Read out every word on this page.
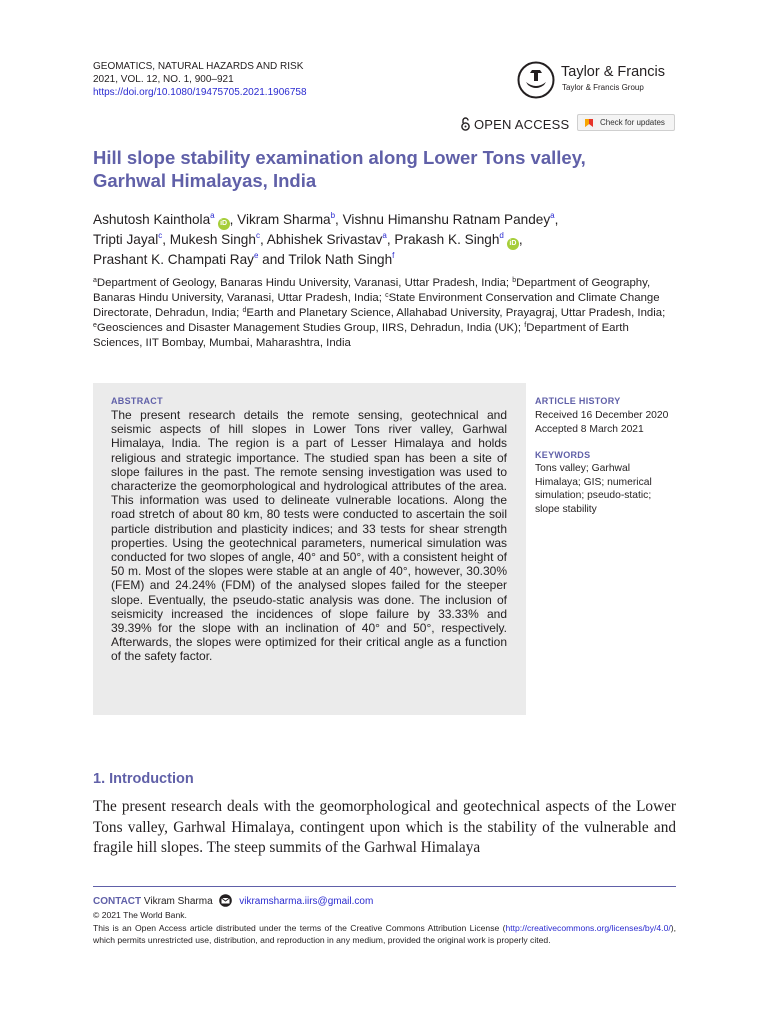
GEOMATICS, NATURAL HAZARDS AND RISK
2021, VOL. 12, NO. 1, 900–921
https://doi.org/10.1080/19475705.2021.1906758
Taylor & Francis
Taylor & Francis Group
OPEN ACCESS	Check for updates
Hill slope stability examination along Lower Tons valley,
Garhwal Himalayas, India
Ashutosh Kainthola$^a$iD , Vikram Sharma$^b$, Vishnu Himanshu Ratnam Pandey$^a$,
Tripti Jayal$^c$, Mukesh Singh$^c$, Abhishek Srivastav$^a$, Prakash K. Singh$^d$iD ,
Prashant K. Champati Ray$^e$ and Trilok Nath Singh$^f$
$^a$Department of Geology, Banaras Hindu University, Varanasi, Uttar Pradesh, India; $^b$Department of Geography, Banaras Hindu University, Varanasi, Uttar Pradesh, India; $^c$State Environment Conservation and Climate Change Directorate, Dehradun, India; $^d$Earth and Planetary Science, Allahabad University, Prayagraj, Uttar Pradesh, India; $^e$Geosciences and Disaster Management Studies Group, IIRS, Dehradun, India (UK); $^f$Department of Earth Sciences, IIT Bombay, Mumbai, Maharashtra, India
ABSTRACT
The present research details the remote sensing, geotechnical and seismic aspects of hill slopes in Lower Tons river valley, Garhwal Himalaya, India. The region is a part of Lesser Himalaya and holds religious and strategic importance. The studied span has been a site of slope failures in the past. The remote sensing investigation was used to characterize the geomorphological and hydrological attributes of the area. This information was used to delineate vulnerable locations. Along the road stretch of about 80 km, 80 tests were conducted to ascertain the soil particle distribution and plasticity indices; and 33 tests for shear strength properties. Using the geotechnical parameters, numerical simulation was conducted for two slopes of angle, 40° and 50°, with a consistent height of 50 m. Most of the slopes were stable at an angle of 40°, however, 30.30% (FEM) and 24.24% (FDM) of the analysed slopes failed for the steeper slope. Eventually, the pseudo-static analysis was done. The inclusion of seismicity increased the incidences of slope failure by 33.33% and 39.39% for the slope with an inclination of 40° and 50°, respectively. Afterwards, the slopes were optimized for their critical angle as a function of the safety factor.
ARTICLE HISTORY
Received 16 December 2020
Accepted 8 March 2021
KEYWORDS
Tons valley; Garhwal Himalaya; GIS; numerical simulation; pseudo-static; slope stability
1. Introduction
The present research deals with the geomorphological and geotechnical aspects of the Lower Tons valley, Garhwal Himalaya, contingent upon which is the stability of the vulnerable and fragile hill slopes. The steep summits of the Garhwal Himalaya
CONTACT Vikram Sharma	vikramsharma.iirs@gmail.com
© 2021 The World Bank.
This is an Open Access article distributed under the terms of the Creative Commons Attribution License (http://creativecommons.org/licenses/by/4.0/), which permits unrestricted use, distribution, and reproduction in any medium, provided the original work is properly cited.
